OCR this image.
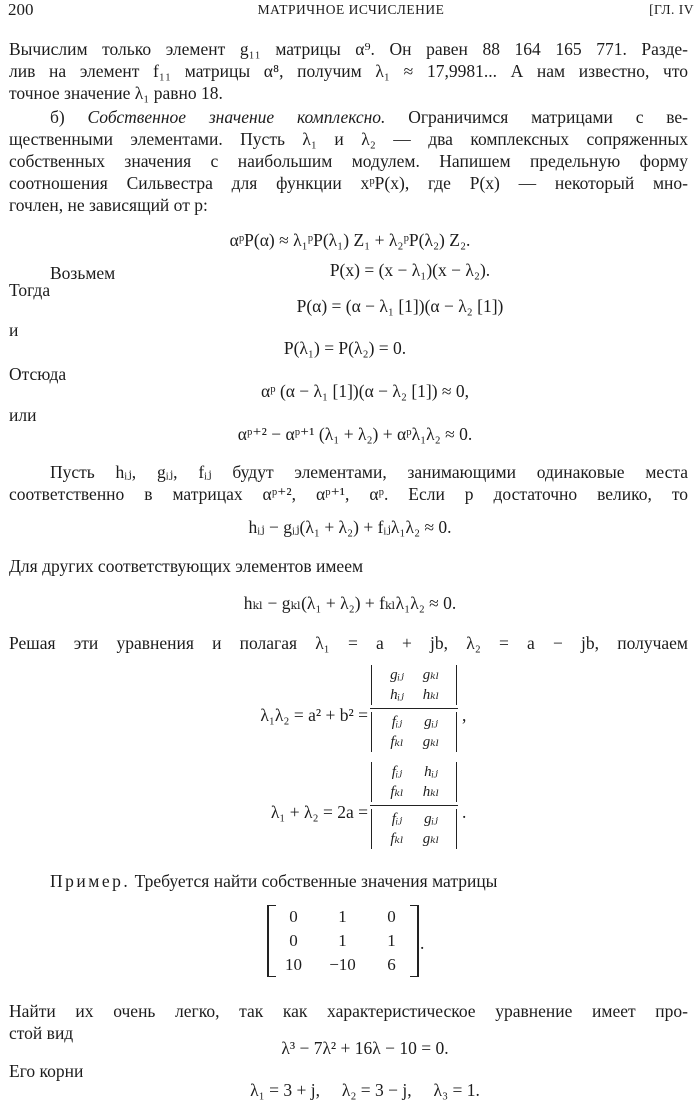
200	МАТРИЧНОЕ ИСЧИСЛЕНИЕ	[ГЛ. IV
Вычислим только элемент g₁₁ матрицы α⁹. Он равен 88 164 165 771. Разде-
лив на элемент f₁₁ матрицы α⁸, получим λ₁ ≈ 17,9981... А нам известно, что
точное значение λ₁ равно 18.
б) Собственное значение комплексно. Ограничимся матрицами с ве-
щественными элементами. Пусть λ₁ и λ₂ — два комплексных сопряженных
собственных значения с наибольшим модулем. Напишем предельную форму
соотношения Сильвестра для функции xᵖP(x), где P(x) — некоторый мно-
гочлен, не зависящий от p:
αᵖP(α) ≈ λ₁ᵖP(λ₁) Z₁ + λ₂ᵖP(λ₂) Z₂.
Возьмем	P(x) = (x − λ₁)(x − λ₂).
Тогда
P(α) = (α − λ₁ [1])(α − λ₂ [1])
и
P(λ₁) = P(λ₂) = 0.
Отсюда
αᵖ (α − λ₁ [1])(α − λ₂ [1]) ≈ 0,
или
αᵖ⁺² − αᵖ⁺¹ (λ₁ + λ₂) + αᵖλ₁λ₂ ≈ 0.
Пусть hᵢⱼ, gᵢⱼ, fᵢⱼ будут элементами, занимающими одинаковые места
соответственно в матрицах αᵖ⁺², αᵖ⁺¹, αᵖ. Если p достаточно велико, то
hᵢⱼ − gᵢⱼ(λ₁ + λ₂) + fᵢⱼλ₁λ₂ ≈ 0.
Для других соответствующих элементов имеем
hₖₗ − gₖₗ(λ₁ + λ₂) + fₖₗλ₁λ₂ ≈ 0.
Решая эти уравнения и полагая λ₁ = a + jb, λ₂ = a − jb, получаем
λ₁λ₂ = a² + b² =
gᵢⱼ gₖₗ
hᵢⱼ hₖₗ
fᵢⱼ gᵢⱼ
fₖₗ gₖₗ
,
λ₁ + λ₂ = 2a =
fᵢⱼ hᵢⱼ
fₖₗ hₖₗ
fᵢⱼ gᵢⱼ
fₖₗ gₖₗ
.
Пример. Требуется найти собственные значения матрицы
0	1	0
0	1	1
10	−10	6
.
Найти их очень легко, так как характеристическое уравнение имеет про-
стой вид
λ³ − 7λ² + 16λ − 10 = 0.
Его корни
λ₁ = 3 + j,     λ₂ = 3 − j,     λ₃ = 1.
